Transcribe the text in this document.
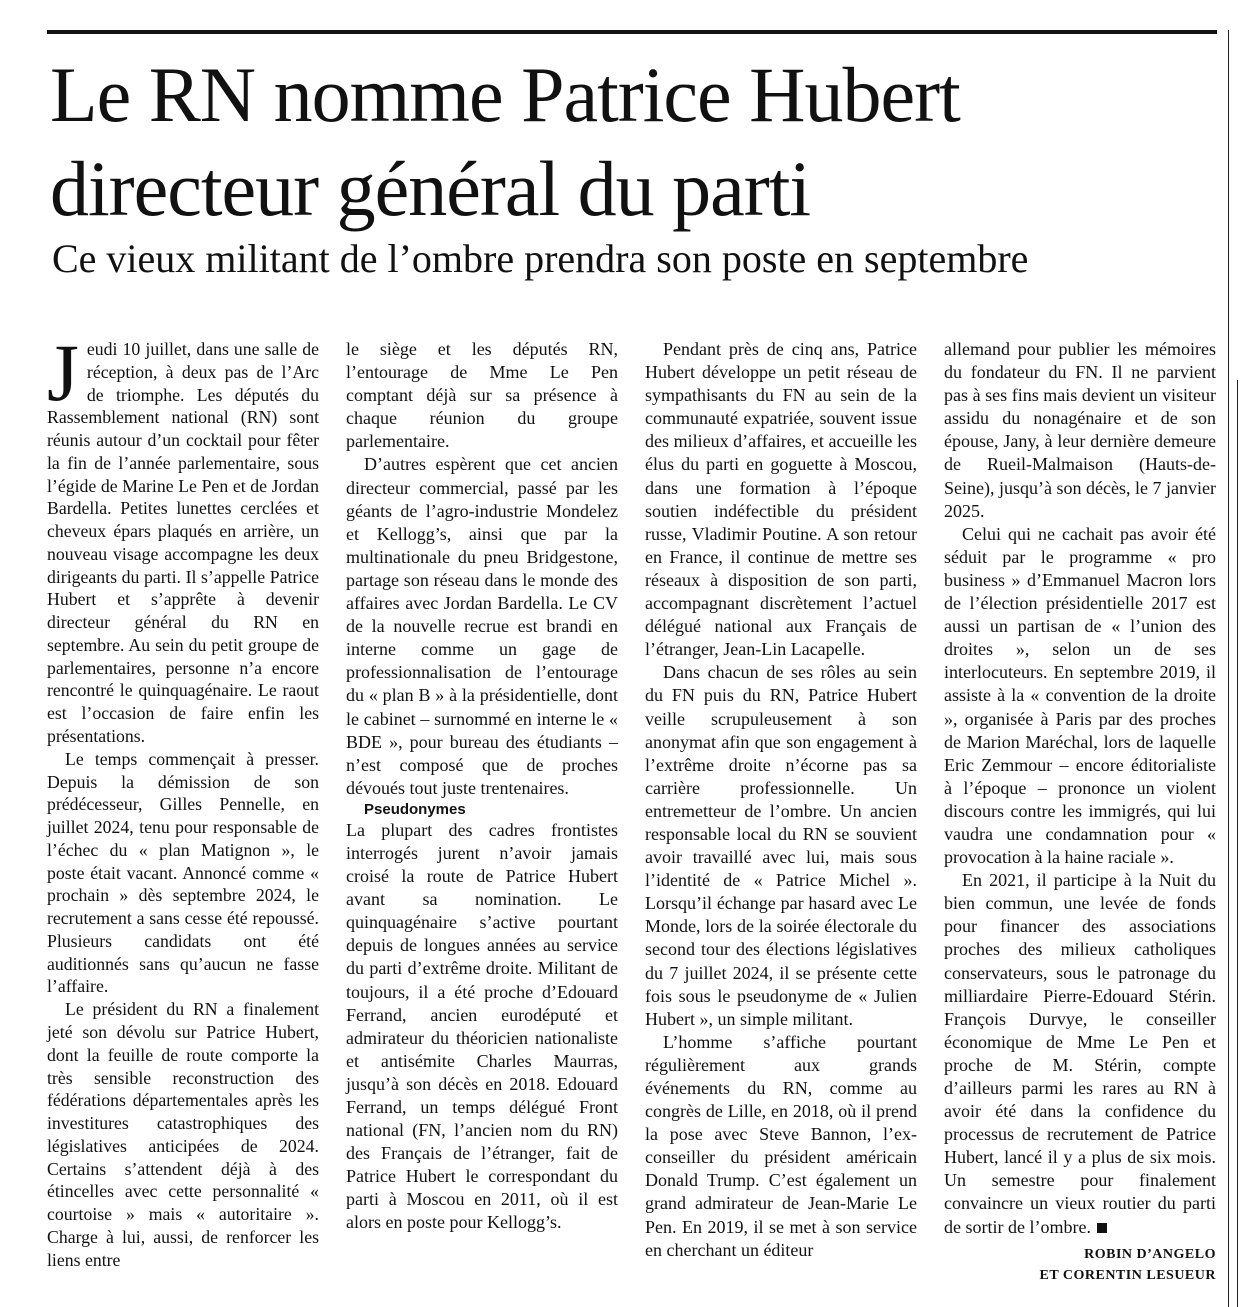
Le RN nomme Patrice Hubert
directeur général du parti
Ce vieux militant de l’ombre prendra son poste en septembre

Jeudi 10 juillet, dans une salle de réception, à deux pas de l’Arc de triomphe. Les députés du Rassemblement national (RN) sont réunis autour d’un cocktail pour fêter la fin de l’année parlementaire, sous l’égide de Marine Le Pen et de Jordan Bardella. Petites lunettes cerclées et cheveux épars plaqués en arrière, un nouveau visage accompagne les deux dirigeants du parti. Il s’appelle Patrice Hubert et s’apprête à devenir directeur général du RN en septembre. Au sein du petit groupe de parlementaires, personne n’a encore rencontré le quinquagénaire. Le raout est l’occasion de faire enfin les présentations.

Le temps commençait à presser. Depuis la démission de son prédécesseur, Gilles Pennelle, en juillet 2024, tenu pour responsable de l’échec du « plan Matignon », le poste était vacant. Annoncé comme « prochain » dès septembre 2024, le recrutement a sans cesse été repoussé. Plusieurs candidats ont été auditionnés sans qu’aucun ne fasse l’affaire.

Le président du RN a finalement jeté son dévolu sur Patrice Hubert, dont la feuille de route comporte la très sensible reconstruction des fédérations départementales après les investitures catastrophiques des législatives anticipées de 2024. Certains s’attendent déjà à des étincelles avec cette personnalité « courtoise » mais « autoritaire ». Charge à lui, aussi, de renforcer les liens entre

le siège et les députés RN, l’entourage de Mme Le Pen comptant déjà sur sa présence à chaque réunion du groupe parlementaire.

D’autres espèrent que cet ancien directeur commercial, passé par les géants de l’agro-industrie Mondelez et Kellogg’s, ainsi que par la multinationale du pneu Bridgestone, partage son réseau dans le monde des affaires avec Jordan Bardella. Le CV de la nouvelle recrue est brandi en interne comme un gage de professionnalisation de l’entourage du « plan B » à la présidentielle, dont le cabinet – surnommé en interne le « BDE », pour bureau des étudiants – n’est composé que de proches dévoués tout juste trentenaires.

Pseudonymes

La plupart des cadres frontistes interrogés jurent n’avoir jamais croisé la route de Patrice Hubert avant sa nomination. Le quinquagénaire s’active pourtant depuis de longues années au service du parti d’extrême droite. Militant de toujours, il a été proche d’Edouard Ferrand, ancien eurodéputé et admirateur du théoricien nationaliste et antisémite Charles Maurras, jusqu’à son décès en 2018. Edouard Ferrand, un temps délégué Front national (FN, l’ancien nom du RN) des Français de l’étranger, fait de Patrice Hubert le correspondant du parti à Moscou en 2011, où il est alors en poste pour Kellogg’s.

Pendant près de cinq ans, Patrice Hubert développe un petit réseau de sympathisants du FN au sein de la communauté expatriée, souvent issue des milieux d’affaires, et accueille les élus du parti en goguette à Moscou, dans une formation à l’époque soutien indéfectible du président russe, Vladimir Poutine. A son retour en France, il continue de mettre ses réseaux à disposition de son parti, accompagnant discrètement l’actuel délégué national aux Français de l’étranger, Jean-Lin Lacapelle.

Dans chacun de ses rôles au sein du FN puis du RN, Patrice Hubert veille scrupuleusement à son anonymat afin que son engagement à l’extrême droite n’écorne pas sa carrière professionnelle. Un entremetteur de l’ombre. Un ancien responsable local du RN se souvient avoir travaillé avec lui, mais sous l’identité de « Patrice Michel ». Lorsqu’il échange par hasard avec Le Monde, lors de la soirée électorale du second tour des élections législatives du 7 juillet 2024, il se présente cette fois sous le pseudonyme de « Julien Hubert », un simple militant.

L’homme s’affiche pourtant régulièrement aux grands événements du RN, comme au congrès de Lille, en 2018, où il prend la pose avec Steve Bannon, l’ex-conseiller du président américain Donald Trump. C’est également un grand admirateur de Jean-Marie Le Pen. En 2019, il se met à son service en cherchant un éditeur

allemand pour publier les mémoires du fondateur du FN. Il ne parvient pas à ses fins mais devient un visiteur assidu du nonagénaire et de son épouse, Jany, à leur dernière demeure de Rueil-Malmaison (Hauts-de-Seine), jusqu’à son décès, le 7 janvier 2025.

Celui qui ne cachait pas avoir été séduit par le programme « pro business » d’Emmanuel Macron lors de l’élection présidentielle 2017 est aussi un partisan de « l’union des droites », selon un de ses interlocuteurs. En septembre 2019, il assiste à la « convention de la droite », organisée à Paris par des proches de Marion Maréchal, lors de laquelle Eric Zemmour – encore éditorialiste à l’époque – prononce un violent discours contre les immigrés, qui lui vaudra une condamnation pour « provocation à la haine raciale ».

En 2021, il participe à la Nuit du bien commun, une levée de fonds pour financer des associations proches des milieux catholiques conservateurs, sous le patronage du milliardaire Pierre-Edouard Stérin. François Durvye, le conseiller économique de Mme Le Pen et proche de M. Stérin, compte d’ailleurs parmi les rares au RN à avoir été dans la confidence du processus de recrutement de Patrice Hubert, lancé il y a plus de six mois. Un semestre pour finalement convaincre un vieux routier du parti de sortir de l’ombre.

ROBIN D’ANGELO
ET CORENTIN LESUEUR
